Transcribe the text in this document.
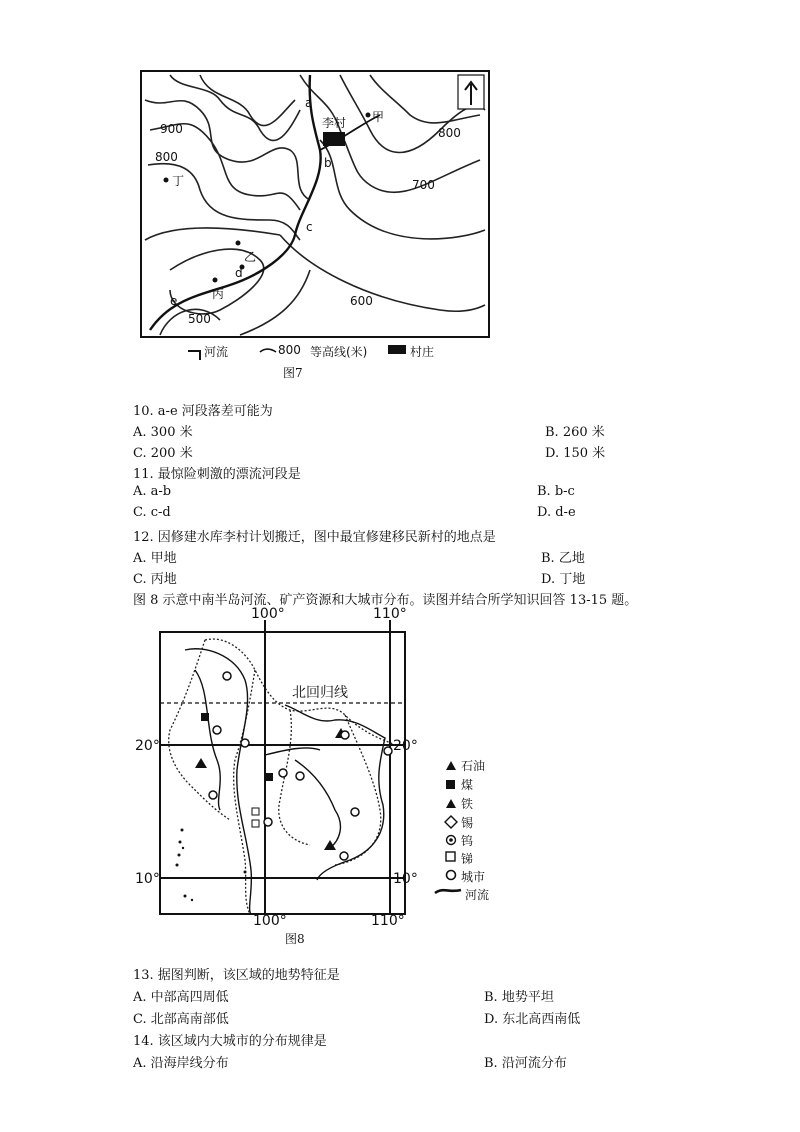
900
800
800
700
600
500
a
b
c
d
e
甲
李村
丁
乙
丙
河流	800 等高线(米)	村庄
图7
10. a-e 河段落差可能为
A. 300 米	B. 260 米
C. 200 米	D. 150 米
11. 最惊险刺激的漂流河段是
A. a-b	B. b-c
C. c-d	D. d-e
12. 因修建水库李村计划搬迁，图中最宜修建移民新村的地点是
A. 甲地	B. 乙地
C. 丙地	D. 丁地
图 8 示意中南半岛河流、矿产资源和大城市分布。读图并结合所学知识回答 13-15 题。
100°	110°
100°	110°
20°
10°
20°
10°
北回归线
石油
煤
铁
锡
钨
锑
城市
河流
图8
13. 据图判断，该区域的地势特征是
A. 中部高四周低	B. 地势平坦
C. 北部高南部低	D. 东北高西南低
14. 该区域内大城市的分布规律是
A. 沿海岸线分布	B. 沿河流分布
